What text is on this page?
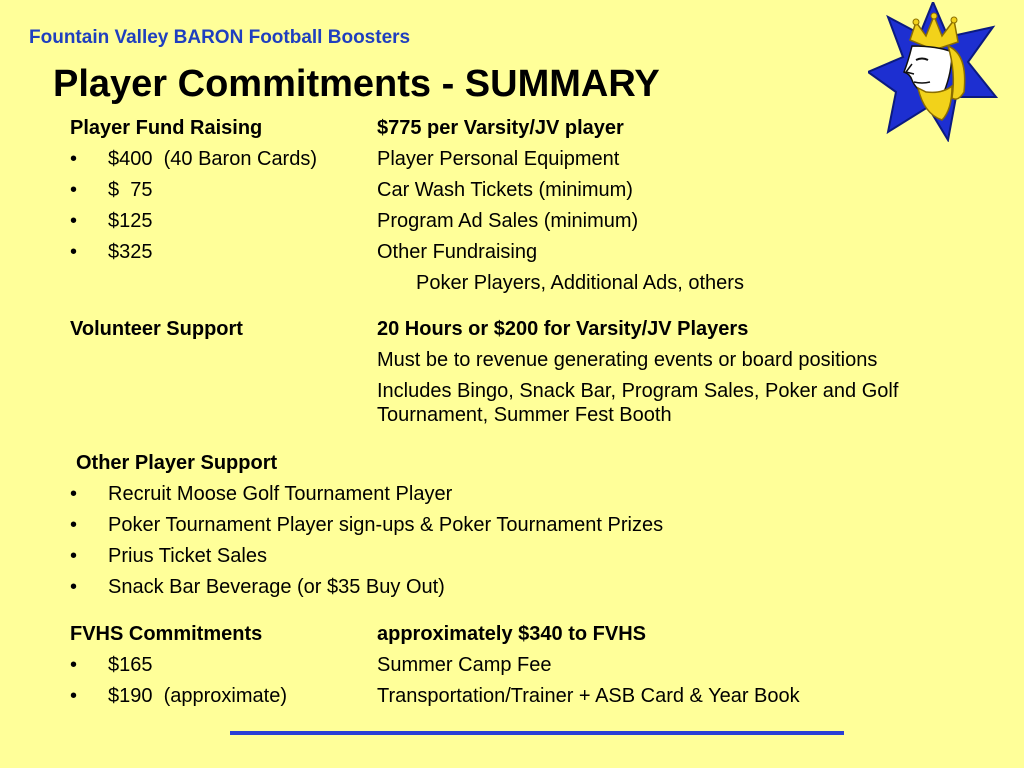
Fountain Valley BARON Football Boosters
Player Commitments - SUMMARY
Player Fund Raising	$775 per Varsity/JV player
• $400  (40 Baron Cards)	Player Personal Equipment
• $  75	Car Wash Tickets (minimum)
• $125	Program Ad Sales (minimum)
• $325	Other Fundraising
Poker Players, Additional Ads, others
Volunteer Support	20 Hours or $200 for Varsity/JV Players
Must be to revenue generating events or board positions
Includes Bingo, Snack Bar, Program Sales, Poker and Golf Tournament, Summer Fest Booth
Other Player Support
• Recruit Moose Golf Tournament Player
• Poker Tournament Player sign-ups & Poker Tournament Prizes
• Prius Ticket Sales
• Snack Bar Beverage (or $35 Buy Out)
FVHS Commitments	approximately $340 to FVHS
• $165	Summer Camp Fee
• $190  (approximate)	Transportation/Trainer + ASB Card & Year Book
